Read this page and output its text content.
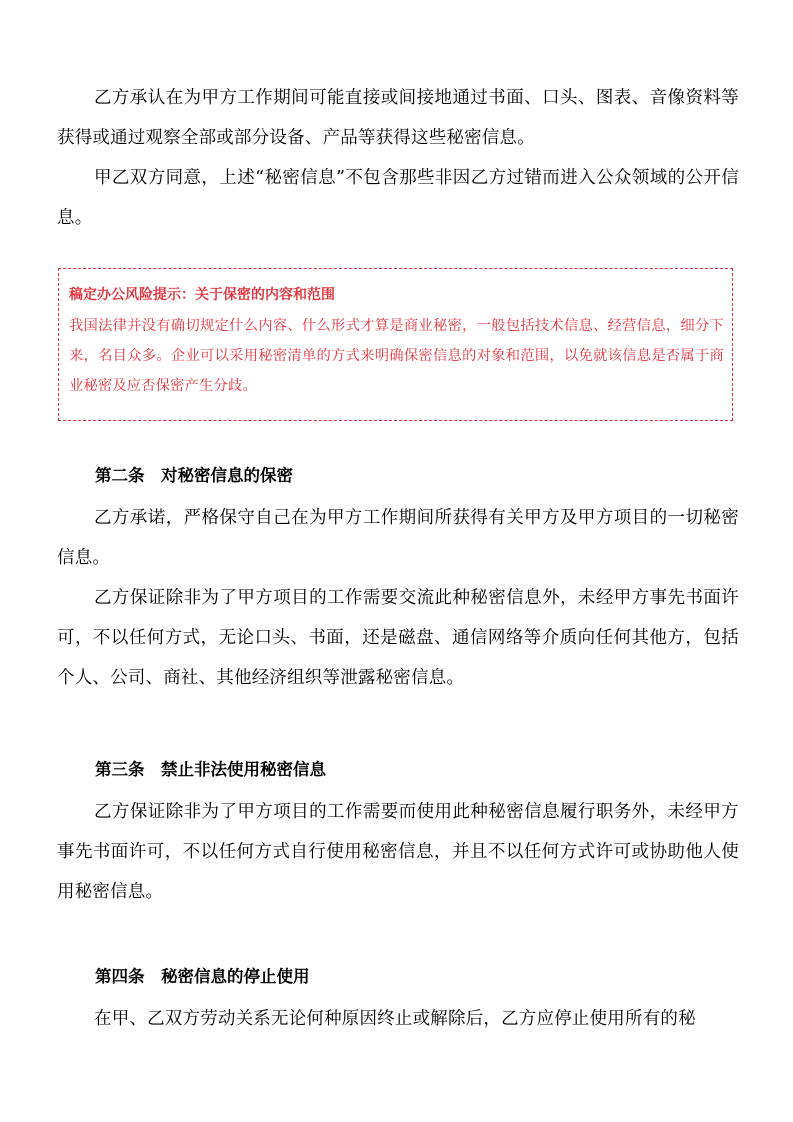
乙方承认在为甲方工作期间可能直接或间接地通过书面、口头、图表、音像资料等获得或通过观察全部或部分设备、产品等获得这些秘密信息。

甲乙双方同意，上述“秘密信息”不包含那些非因乙方过错而进入公众领域的公开信息。

稿定办公风险提示：关于保密的内容和范围

我国法律并没有确切规定什么内容、什么形式才算是商业秘密，一般包括技术信息、经营信息，细分下来，名目众多。企业可以采用秘密清单的方式来明确保密信息的对象和范围，以免就该信息是否属于商业秘密及应否保密产生分歧。

第二条　对秘密信息的保密

乙方承诺，严格保守自己在为甲方工作期间所获得有关甲方及甲方项目的一切秘密信息。

乙方保证除非为了甲方项目的工作需要交流此种秘密信息外，未经甲方事先书面许可，不以任何方式，无论口头、书面，还是磁盘、通信网络等介质向任何其他方，包括个人、公司、商社、其他经济组织等泄露秘密信息。

第三条　禁止非法使用秘密信息

乙方保证除非为了甲方项目的工作需要而使用此种秘密信息履行职务外，未经甲方事先书面许可，不以任何方式自行使用秘密信息，并且不以任何方式许可或协助他人使用秘密信息。

第四条　秘密信息的停止使用

在甲、乙双方劳动关系无论何种原因终止或解除后，乙方应停止使用所有的秘
